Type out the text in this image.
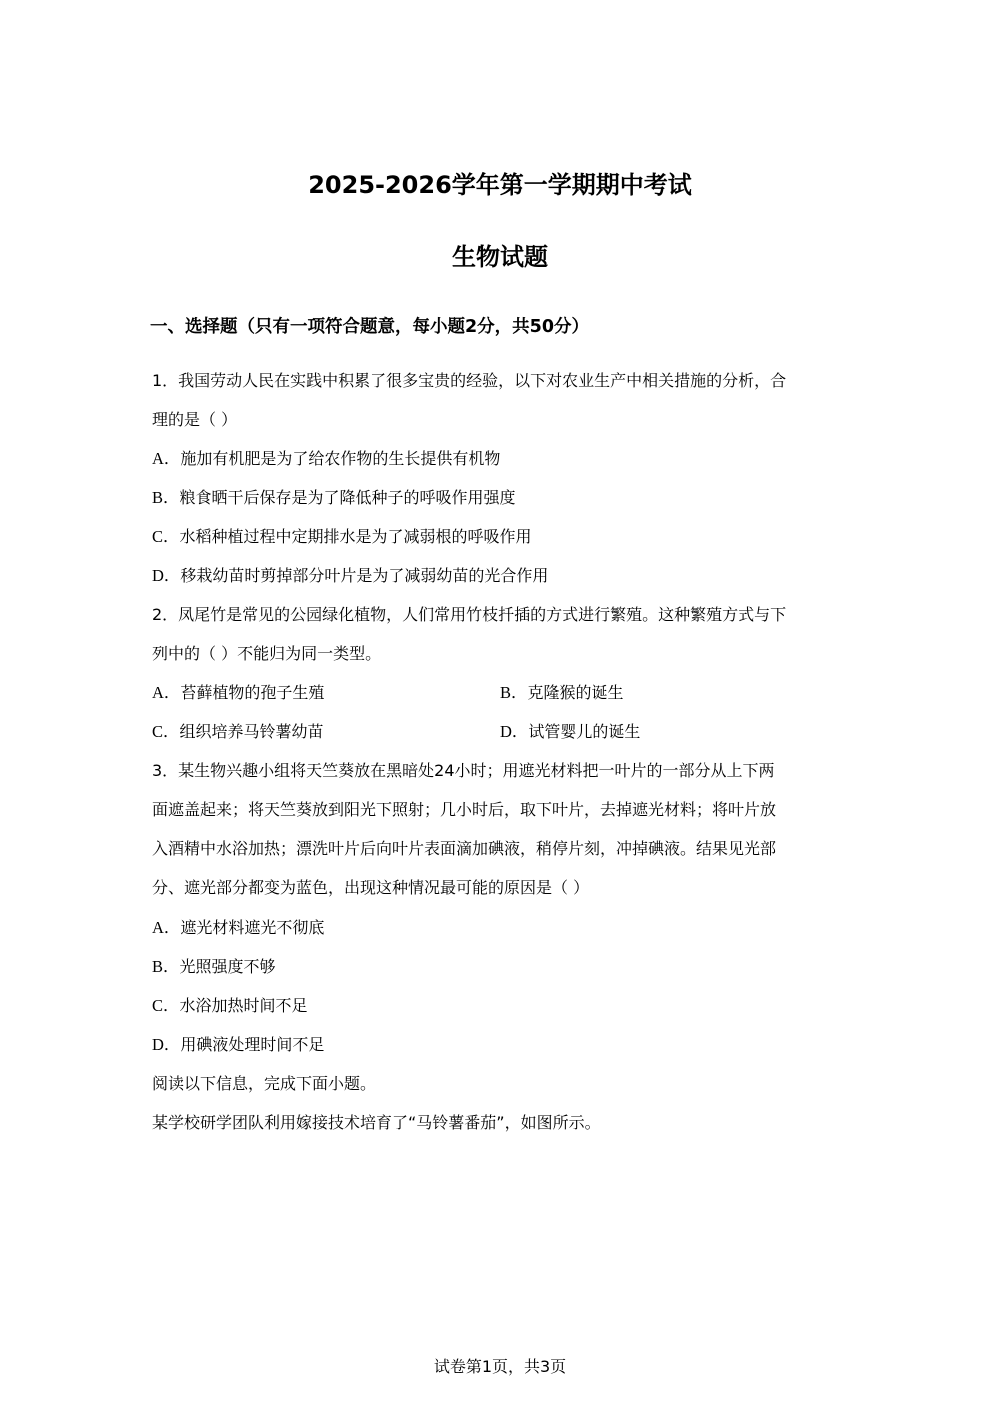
2025-2026学年第一学期期中考试
生物试题
一、选择题（只有一项符合题意，每小题2分，共50分）
1．我国劳动人民在实践中积累了很多宝贵的经验，以下对农业生产中相关措施的分析，合
理的是（ ）
A．施加有机肥是为了给农作物的生长提供有机物
B．粮食晒干后保存是为了降低种子的呼吸作用强度
C．水稻种植过程中定期排水是为了减弱根的呼吸作用
D．移栽幼苗时剪掉部分叶片是为了减弱幼苗的光合作用
2．凤尾竹是常见的公园绿化植物，人们常用竹枝扦插的方式进行繁殖。这种繁殖方式与下
列中的（ ）不能归为同一类型。
A．苔藓植物的孢子生殖	B．克隆猴的诞生
C．组织培养马铃薯幼苗	D．试管婴儿的诞生
3．某生物兴趣小组将天竺葵放在黑暗处24小时；用遮光材料把一叶片的一部分从上下两
面遮盖起来；将天竺葵放到阳光下照射；几小时后，取下叶片，去掉遮光材料；将叶片放
入酒精中水浴加热；漂洗叶片后向叶片表面滴加碘液，稍停片刻，冲掉碘液。结果见光部
分、遮光部分都变为蓝色，出现这种情况最可能的原因是（ ）
A．遮光材料遮光不彻底
B．光照强度不够
C．水浴加热时间不足
D．用碘液处理时间不足
阅读以下信息，完成下面小题。
某学校研学团队利用嫁接技术培育了“马铃薯番茄”，如图所示。
试卷第1页，共3页
